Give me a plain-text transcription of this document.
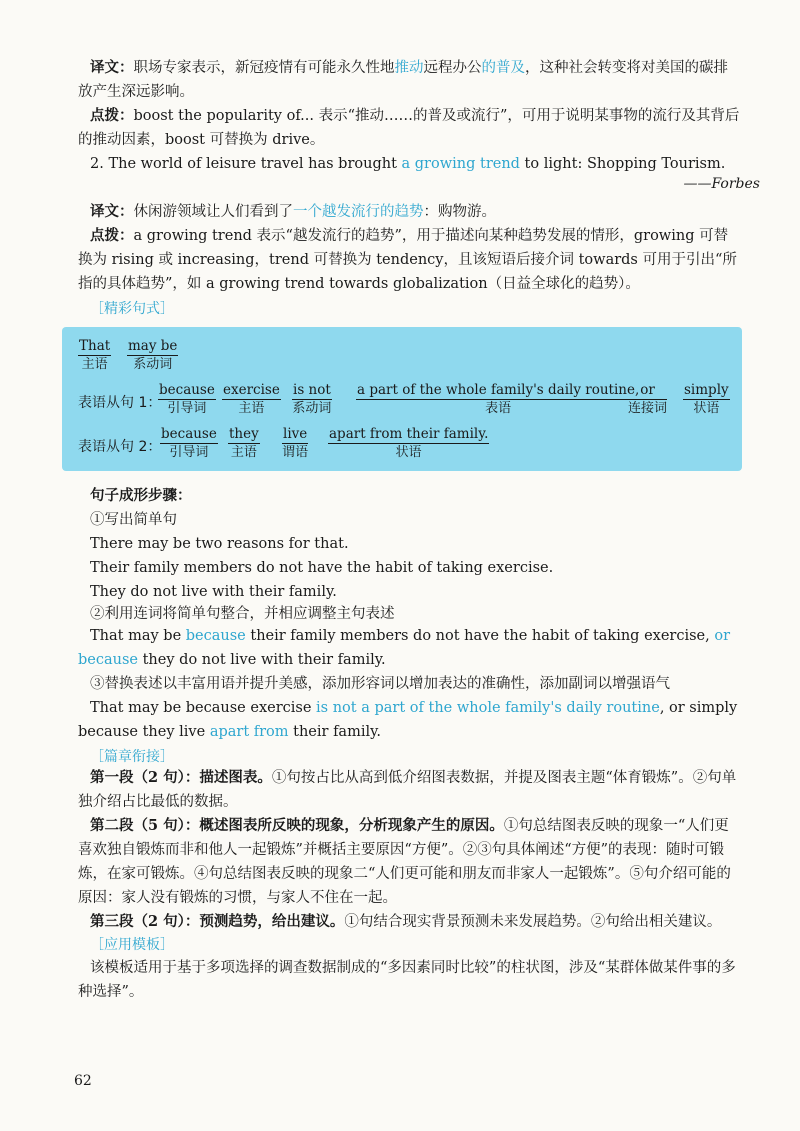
译文：职场专家表示，新冠疫情有可能永久性地推动远程办公的普及，这种社会转变将对美国的碳排放产生深远影响。

点拨：boost the popularity of... 表示“推动……的普及或流行”，可用于说明某事物的流行及其背后的推动因素，boost 可替换为 drive。

2. The world of leisure travel has brought a growing trend to light: Shopping Tourism.

——Forbes

译文：休闲游领域让人们看到了一个越发流行的趋势：购物游。

点拨：a growing trend 表示“越发流行的趋势”，用于描述向某种趋势发展的情形，growing 可替换为 rising 或 increasing，trend 可替换为 tendency，且该短语后接介词 towards 可用于引出“所指的具体趋势”，如 a growing trend towards globalization（日益全球化的趋势）。

［精彩句式］
That
主语
may be
系动词
表语从句 1：
because
引导词
exercise
主语
is not
系动词
a part of the whole family's daily routine,
表语
or
连接词
simply
状语
表语从句 2：
because
引导词
they
主语
live
谓语
apart from their family.
状语
句子成形步骤：
①写出简单句
There may be two reasons for that.
Their family members do not have the habit of taking exercise.
They do not live with their family.
②利用连词将简单句整合，并相应调整主句表述

That may be because their family members do not have the habit of taking exercise, or because they do not live with their family.

③替换表述以丰富用语并提升美感，添加形容词以增加表达的准确性，添加副词以增强语气

That may be because exercise is not a part of the whole family's daily routine, or simply because they live apart from their family.

［篇章衔接］

第一段（2 句）：描述图表。①句按占比从高到低介绍图表数据，并提及图表主题“体育锻炼”。②句单独介绍占比最低的数据。

第二段（5 句）：概述图表所反映的现象，分析现象产生的原因。①句总结图表反映的现象一“人们更喜欢独自锻炼而非和他人一起锻炼”并概括主要原因“方便”。②③句具体阐述“方便”的表现：随时可锻炼，在家可锻炼。④句总结图表反映的现象二“人们更可能和朋友而非家人一起锻炼”。⑤句介绍可能的原因：家人没有锻炼的习惯，与家人不住在一起。

第三段（2 句）：预测趋势，给出建议。①句结合现实背景预测未来发展趋势。②句给出相关建议。

［应用模板］

该模板适用于基于多项选择的调查数据制成的“多因素同时比较”的柱状图，涉及“某群体做某件事的多种选择”。

62
